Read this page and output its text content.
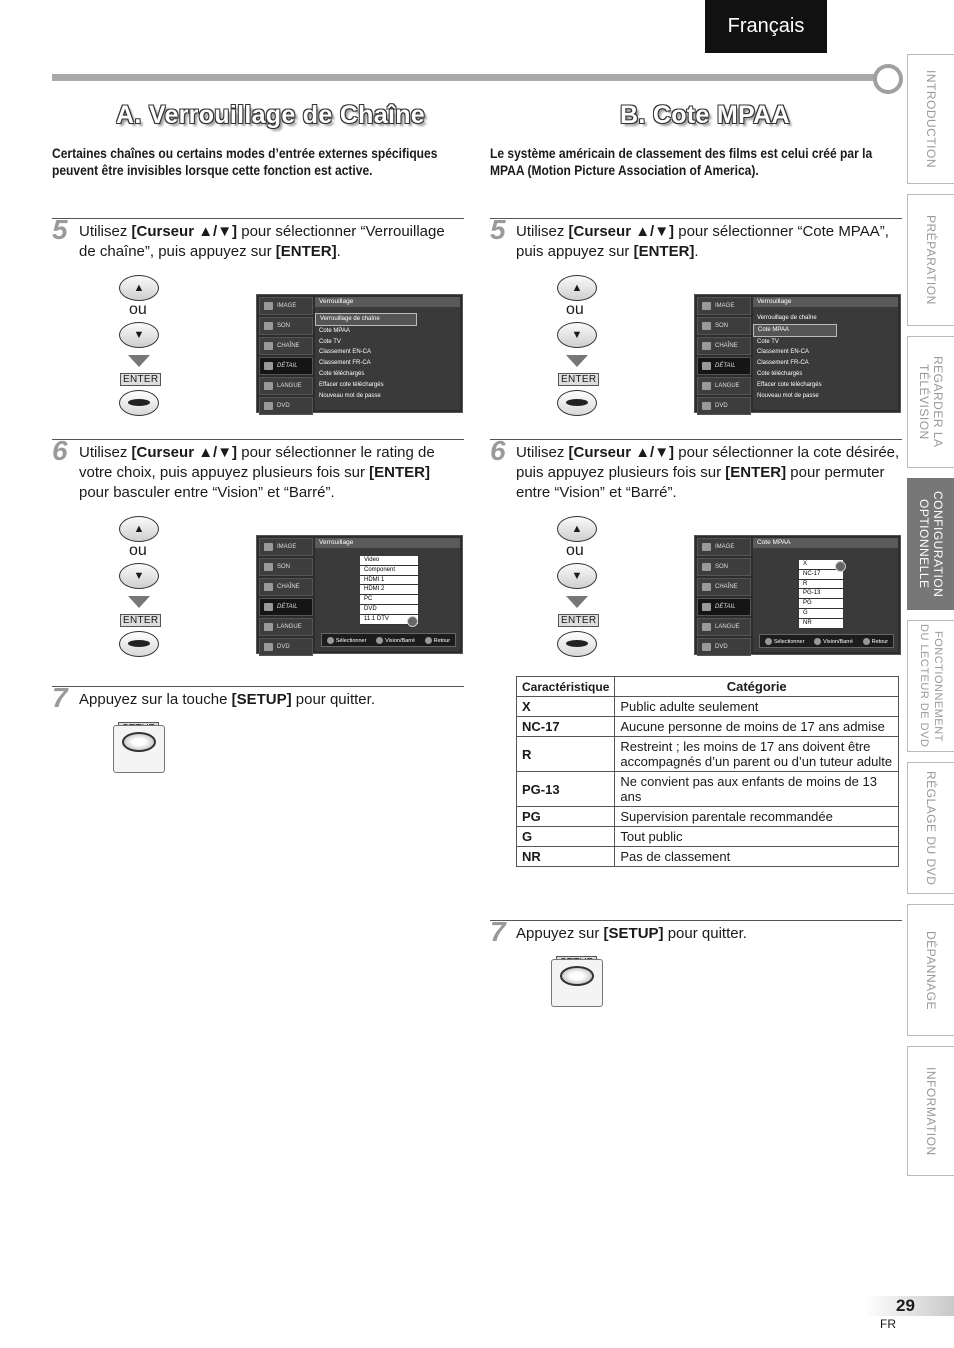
Français
A. Verrouillage de Chaîne	B. Cote MPAA
Certaines chaînes ou certains modes d’entrée externes spécifiques peuvent être invisibles lorsque cette fonction est active.
Le système américain de classement des films est celui créé par la MPAA (Motion Picture Association of America).
5 Utilisez [Curseur ▲/▼] pour sélectionner “Verrouillage de chaîne”, puis appuyez sur [ENTER].
▲
ou
▼
ENTER
IMAGE
SON
CHAÎNE
DÉTAIL
LANGUE
DVD
Verrouillage
Verrouillage de chaîne
Cote MPAA
Cote TV
Classement EN-CA
Classement FR-CA
Cote téléchargés
Effacer cote téléchargés
Nouveau mot de passe
6 Utilisez [Curseur ▲/▼] pour sélectionner le rating de votre choix, puis appuyez plusieurs fois sur [ENTER] pour basculer entre “Vision” et “Barré”.
▲
ou
▼
ENTER
IMAGE
SON
CHAÎNE
DÉTAIL
LANGUE
DVD
Verrouillage
Video
Component
HDMI 1
HDMI 2
PC
DVD
11.1 DTV
Sélectionner	Vision/Barré	Retour
7 Appuyez sur la touche [SETUP] pour quitter.
5 Utilisez [Curseur ▲/▼] pour sélectionner “Cote MPAA”, puis appuyez sur [ENTER].
▲
ou
▼
ENTER
IMAGE
SON
CHAÎNE
DÉTAIL
LANGUE
DVD
Verrouillage
Verrouillage de chaîne
Cote MPAA
Cote TV
Classement EN-CA
Classement FR-CA
Cote téléchargés
Effacer cote téléchargés
Nouveau mot de passe
6 Utilisez [Curseur ▲/▼] pour sélectionner la cote désirée, puis appuyez plusieurs fois sur [ENTER] pour permuter entre “Vision” et “Barré”.
▲
ou
▼
ENTER
IMAGE
SON
CHAÎNE
DÉTAIL
LANGUE
DVD
Cote MPAA
X
NC-17
R
PG-13
PG
G
NR
Sélectionner	Vision/Barré	Retour
Caractéristique	Catégorie
X	Public adulte seulement
NC-17	Aucune personne de moins de 17 ans admise
R	Restreint ; les moins de 17 ans doivent être accompagnés d’un parent ou d’un tuteur adulte
PG-13	Ne convient pas aux enfants de moins de 13 ans
PG	Supervision parentale recommandée
G	Tout public
NR	Pas de classement
7 Appuyez sur [SETUP] pour quitter.
INTRODUCTION
PRÉPARATION
REGARDER LA TÉLÉVISION
CONFIGURATION OPTIONNELLE
FONCTIONNEMENT DU LECTEUR DE DVD
RÉGLAGE DU DVD
DÉPANNAGE
INFORMATION
29
FR
